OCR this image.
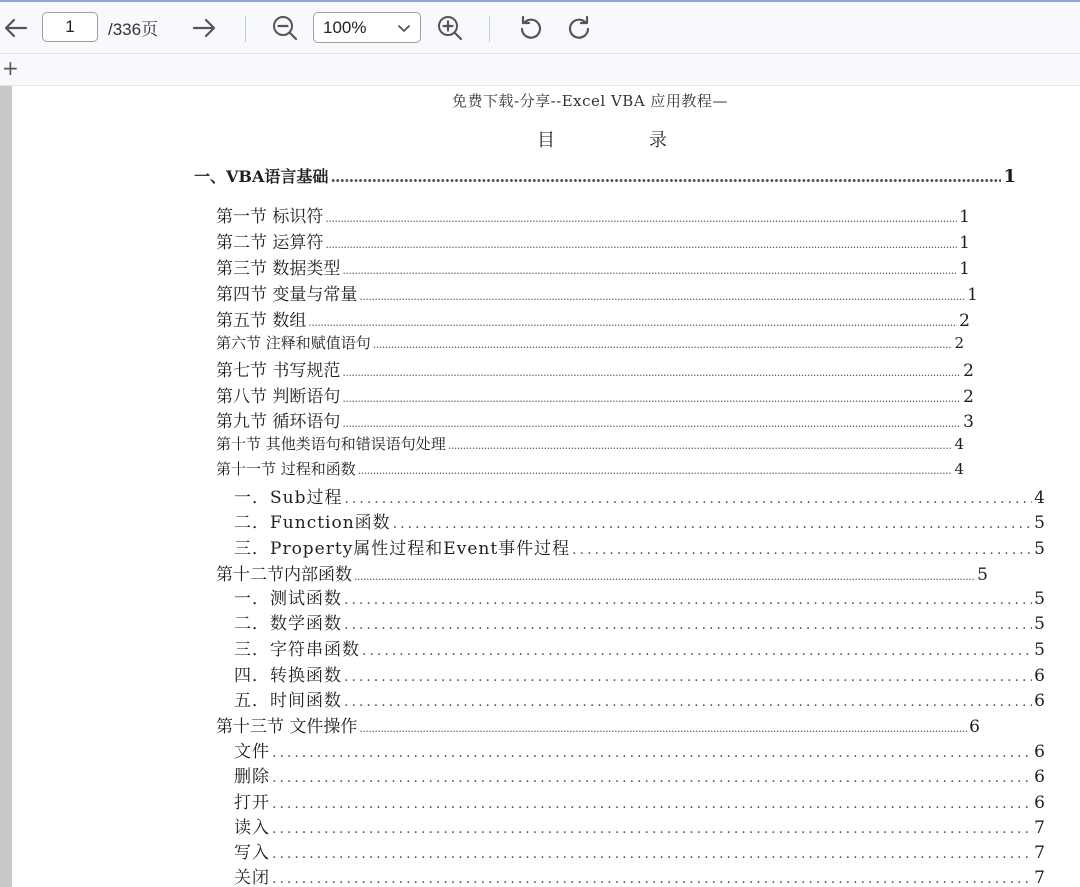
1
/336页	100%
+
免费下载-分享--Excel VBA 应用教程—
目	录
一、VBA语言基础 .....	1
第一节 标识符 .....	1
第二节 运算符 .....	1
第三节 数据类型 .....	1
第四节 变量与常量 .....	1
第五节 数组 .....	2
第六节 注释和赋值语句 .....	2
第七节 书写规范 .....	2
第八节 判断语句 .....	2
第九节 循环语句 .....	3
第十节 其他类语句和错误语句处理 .....	4
第十一节 过程和函数 .....	4
一．Sub过程 .....	4
二．Function函数 .....	5
三．Property属性过程和Event事件过程 .....	5
第十二节内部函数 .....	5
一．测试函数 .....	5
二．数学函数 .....	5
三．字符串函数 .....	5
四．转换函数 .....	6
五．时间函数 .....	6
第十三节 文件操作 .....	6
文件 .....	6
删除 .....	6
打开 .....	6
读入 .....	7
写入 .....	7
关闭 .....	7
